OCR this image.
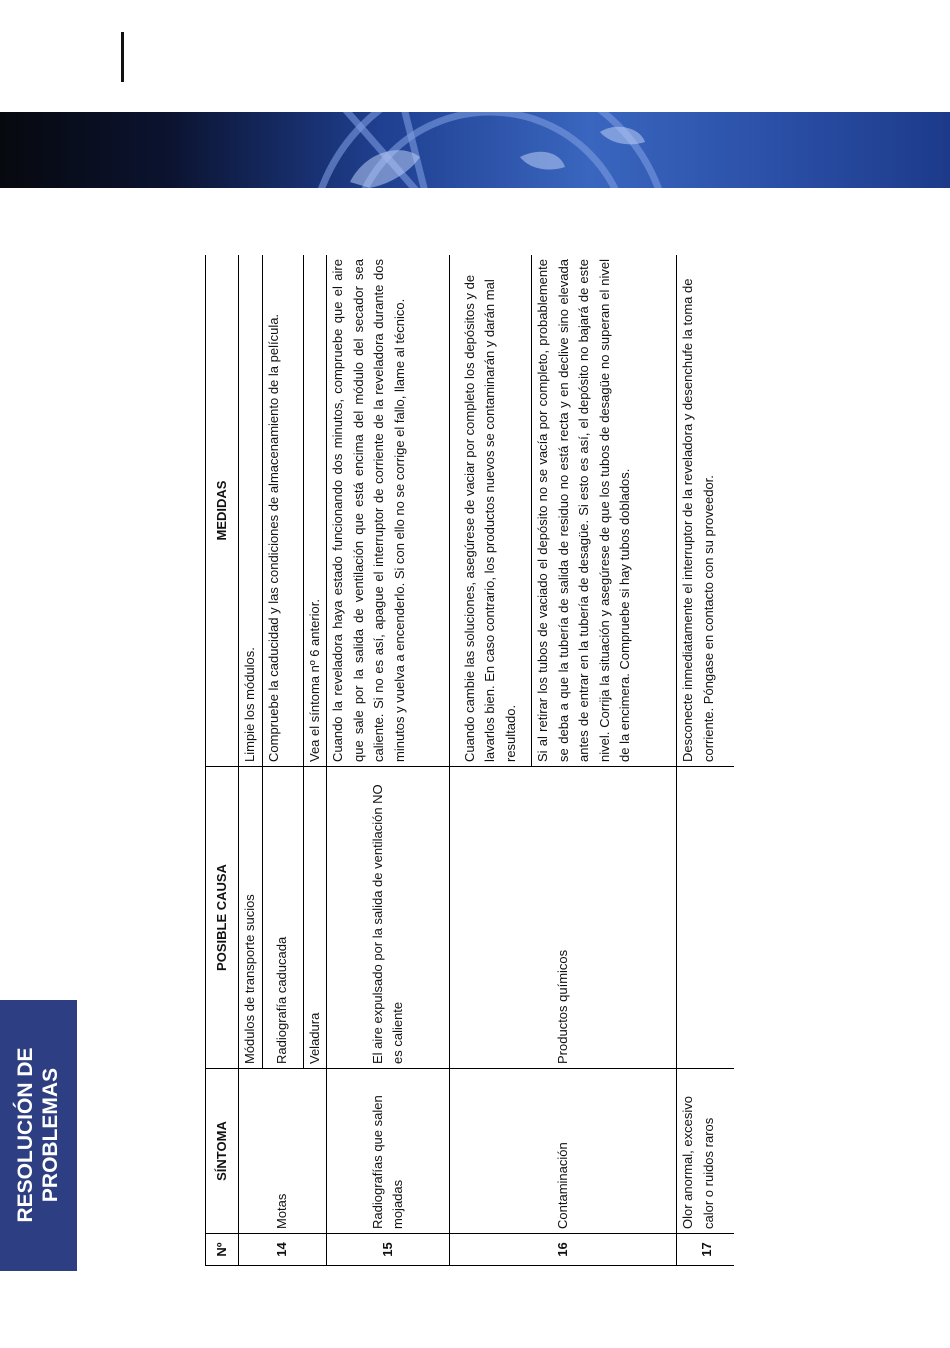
RESOLUCIÓN DE PROBLEMAS
Nº	SÍNTOMA	POSIBLE CAUSA	MEDIDAS
14	Motas	Módulos de transporte sucios	Limpie los módulos.
		Radiografía caducada	Compruebe la caducidad y las condiciones de almacenamiento de la película.
		Veladura	Vea el síntoma nº 6 anterior.
15	Radiografías que salen mojadas	El aire expulsado por la salida de ventilación NO es caliente	Cuando la reveladora haya estado funcionando dos minutos, compruebe que el aire que sale por la salida de ventilación que está encima del módulo del secador sea caliente. Si no es así, apague el interruptor de corriente de la reveladora durante dos minutos y vuelva a encenderlo. Si con ello no se corrige el fallo, llame al técnico.
16	Contaminación	Productos químicos	Cuando cambie las soluciones, asegúrese de vaciar por completo los depósitos y de lavarlos bien. En caso contrario, los productos nuevos se contaminarán y darán mal resultado.
			Si al retirar los tubos de vaciado el depósito no se vacía por completo, probablemente se deba a que la tubería de salida de residuo no está recta y en declive sino elevada antes de entrar en la tubería de desagüe. Si esto es así, el depósito no bajará de este nivel. Corrija la situación y asegúrese de que los tubos de desagüe no superan el nivel de la encimera. Compruebe si hay tubos doblados.
17	Olor anormal, excesivo calor o ruidos raros		Desconecte inmediatamente el interruptor de la reveladora y desenchufe la toma de corriente. Póngase en contacto con su proveedor.
